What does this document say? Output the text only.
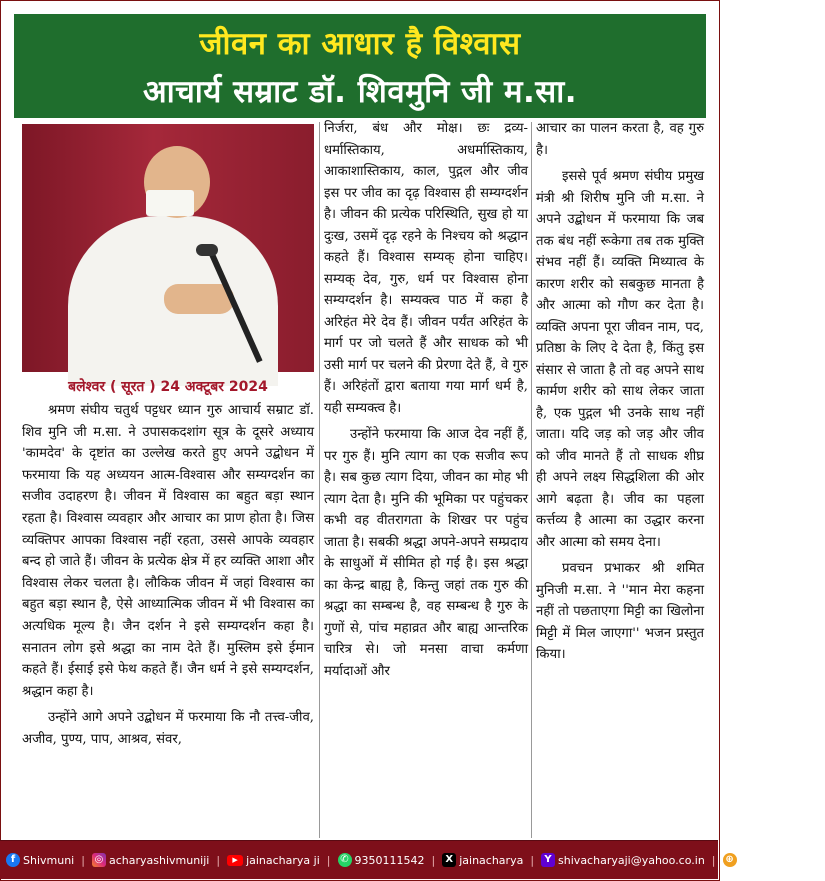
जीवन का आधार है विश्वास
आचार्य सम्राट डॉ. शिवमुनि जी म.सा.
बलेश्वर ( सूरत ) 24 अक्टूबर 2024

श्रमण संघीय चतुर्थ पट्टधर ध्यान गुरु आचार्य सम्राट डॉ. शिव मुनि जी म.सा. ने उपासकदशांग सूत्र के दूसरे अध्याय 'कामदेव' के दृष्टांत का उल्लेख करते हुए अपने उद्बोधन में फरमाया कि यह अध्ययन आत्म-विश्वास और सम्यग्दर्शन का सजीव उदाहरण है। जीवन में विश्वास का बहुत बड़ा स्थान रहता है। विश्वास व्यवहार और आचार का प्राण होता है। जिस व्यक्तिपर आपका विश्वास नहीं रहता, उससे आपके व्यवहार बन्द हो जाते हैं। जीवन के प्रत्येक क्षेत्र में हर व्यक्ति आशा और विश्वास लेकर चलता है। लौकिक जीवन में जहां विश्वास का बहुत बड़ा स्थान है, ऐसे आध्यात्मिक जीवन में भी विश्वास का अत्यधिक मूल्य है। जैन दर्शन ने इसे सम्यग्दर्शन कहा है। सनातन लोग इसे श्रद्धा का नाम देते हैं। मुस्लिम इसे ईमान कहते हैं। ईसाई इसे फेथ कहते हैं। जैन धर्म ने इसे सम्यग्दर्शन, श्रद्धान कहा है।

उन्होंने आगे अपने उद्बोधन में फरमाया कि नौ तत्त्व-जीव, अजीव, पुण्य, पाप, आश्रव, संवर,

निर्जरा, बंध और मोक्ष। छः द्रव्य-धर्मास्तिकाय, अधर्मास्तिकाय, आकाशास्तिकाय, काल, पुद्गल और जीव इस पर जीव का दृढ़ विश्वास ही सम्यग्दर्शन है। जीवन की प्रत्येक परिस्थिति, सुख हो या दुःख, उसमें दृढ़ रहने के निश्चय को श्रद्धान कहते हैं। विश्वास सम्यक् होना चाहिए। सम्यक् देव, गुरु, धर्म पर विश्वास होना सम्यग्दर्शन है। सम्यक्त्व पाठ में कहा है अरिहंत मेरे देव हैं। जीवन पर्यंत अरिहंत के मार्ग पर जो चलते हैं और साधक को भी उसी मार्ग पर चलने की प्रेरणा देते हैं, वे गुरु हैं। अरिहंतों द्वारा बताया गया मार्ग धर्म है, यही सम्यक्त्व है।

उन्होंने फरमाया कि आज देव नहीं हैं, पर गुरु हैं। मुनि त्याग का एक सजीव रूप है। सब कुछ त्याग दिया, जीवन का मोह भी त्याग देता है। मुनि की भूमिका पर पहुंचकर कभी वह वीतरागता के शिखर पर पहुंच जाता है। सबकी श्रद्धा अपने-अपने सम्प्रदाय के साधुओं में सीमित हो गई है। इस श्रद्धा का केन्द्र बाह्य है, किन्तु जहां तक गुरु की श्रद्धा का सम्बन्ध है, वह सम्बन्ध है गुरु के गुणों से, पांच महाव्रत और बाह्य आन्तरिक चारित्र से। जो मनसा वाचा कर्मणा मर्यादाओं और

आचार का पालन करता है, वह गुरु है।

इससे पूर्व श्रमण संघीय प्रमुख मंत्री श्री शिरीष मुनि जी म.सा. ने अपने उद्बोधन में फरमाया कि जब तक बंध नहीं रूकेगा तब तक मुक्ति संभव नहीं हैं। व्यक्ति मिथ्यात्व के कारण शरीर को सबकुछ मानता है और आत्मा को गौण कर देता है। व्यक्ति अपना पूरा जीवन नाम, पद, प्रतिष्ठा के लिए दे देता है, किंतु इस संसार से जाता है तो वह अपने साथ कार्मण शरीर को साथ लेकर जाता है, एक पुद्गल भी उनके साथ नहीं जाता। यदि जड़ को जड़ और जीव को जीव मानते हैं तो साधक शीघ्र ही अपने लक्ष्य सिद्धशिला की ओर आगे बढ़ता है। जीव का पहला कर्त्तव्य है आत्मा का उद्धार करना और आत्मा को समय देना।

प्रवचन प्रभाकर श्री शमित मुनिजी म.सा. ने ''मान मेरा कहना नहीं तो पछताएगा मिट्टी का खिलोना मिट्टी में मिल जाएगा'' भजन प्रस्तुत किया।

f Shivmuni | ◎ acharyashivmuniji |	▶ jainacharya ji | ✆ 9350111542 |	X jainacharya |	Y shivacharyaji@yahoo.co.in | ⊕ jainacharya.org
